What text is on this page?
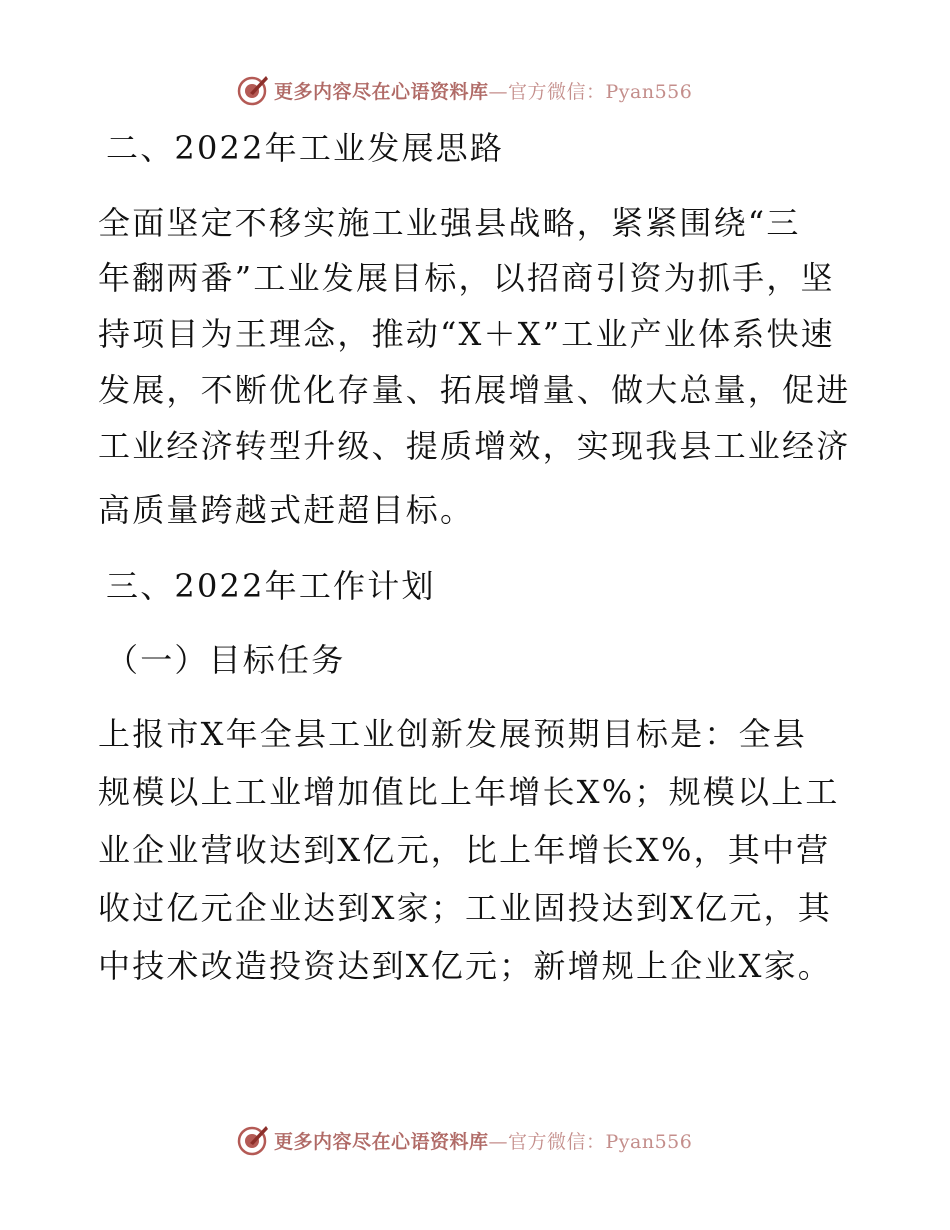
更多内容尽在心语资料库 —官方微信：Pyan556
二、2022年工业发展思路
全面坚定不移实施工业强县战略，紧紧围绕“三
年翻两番”工业发展目标，以招商引资为抓手，坚
持项目为王理念，推动“X＋X”工业产业体系快速
发展，不断优化存量、拓展增量、做大总量，促进
工业经济转型升级、提质增效，实现我县工业经济
高质量跨越式赶超目标。
三、2022年工作计划
（一）目标任务
上报市X年全县工业创新发展预期目标是：全县
规模以上工业增加值比上年增长X%；规模以上工
业企业营收达到X亿元，比上年增长X%，其中营
收过亿元企业达到X家；工业固投达到X亿元，其
中技术改造投资达到X亿元；新增规上企业X家。
更多内容尽在心语资料库 —官方微信：Pyan556
